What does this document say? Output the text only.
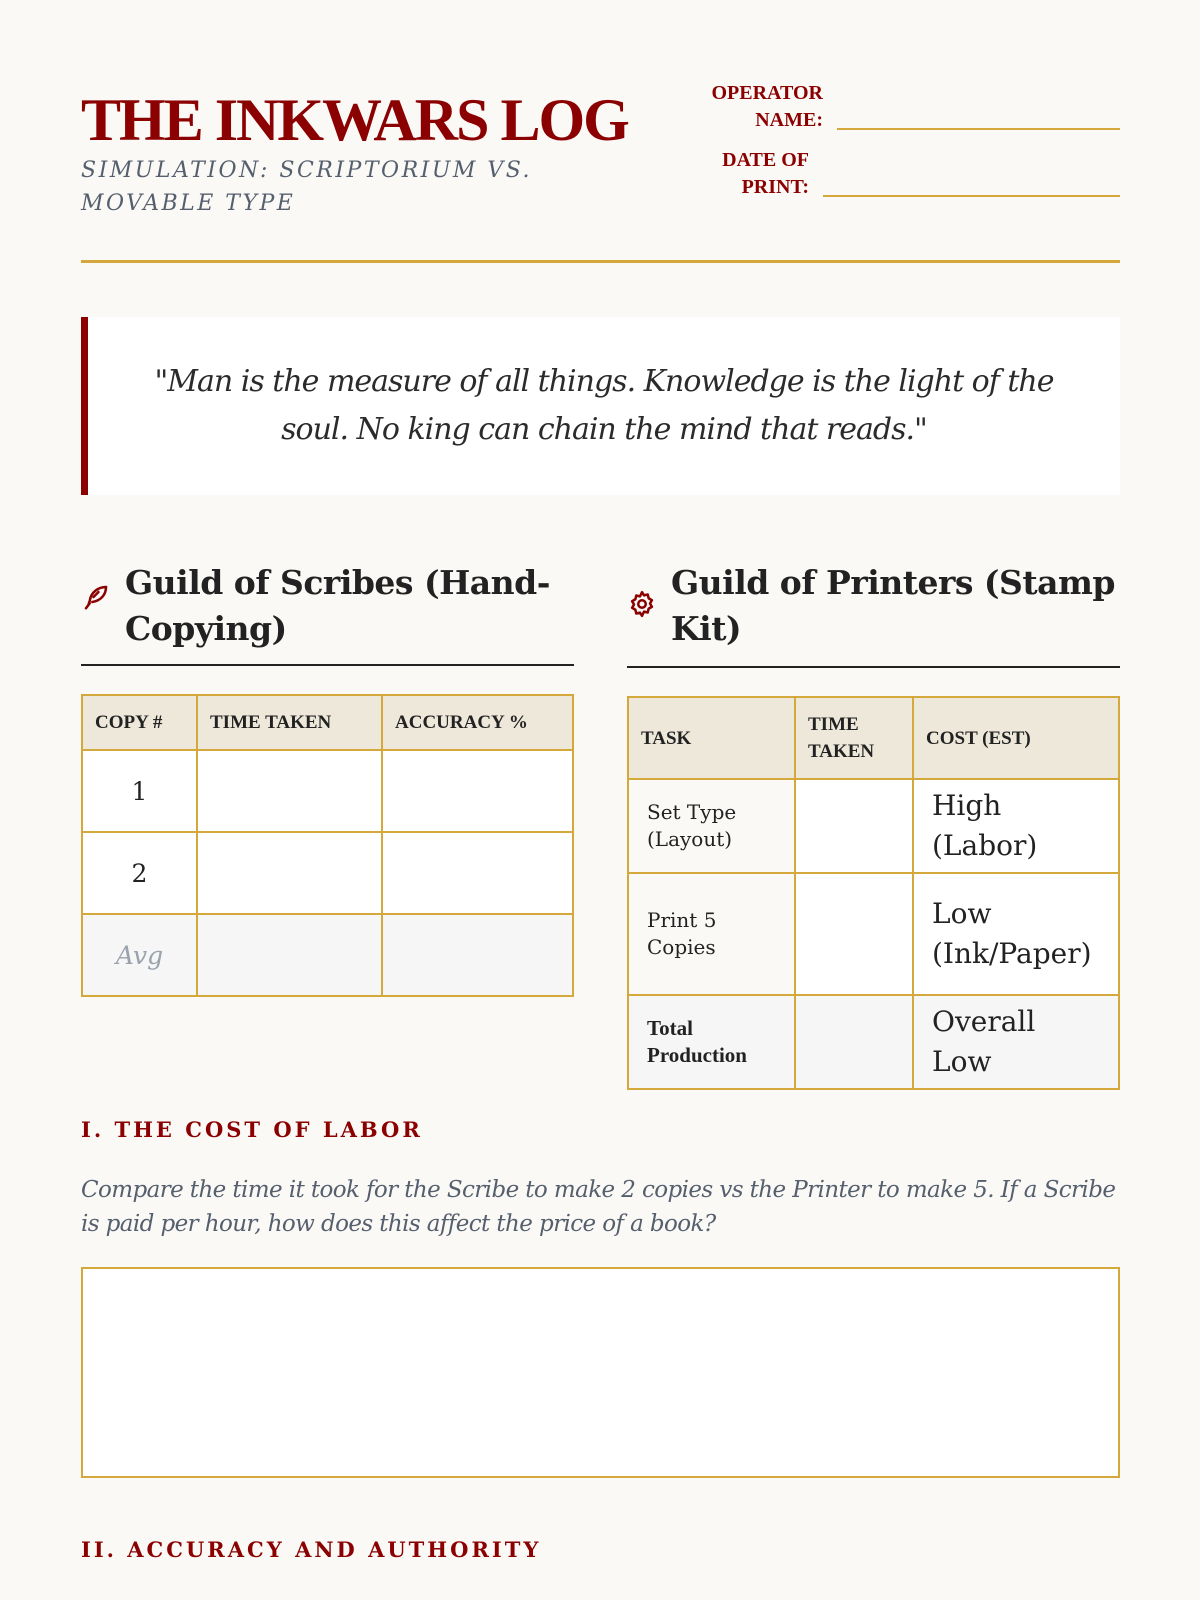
THE INKWARS LOG
SIMULATION: SCRIPTORIUM VS. MOVABLE TYPE
OPERATOR NAME:
DATE OF PRINT:

"Man is the measure of all things. Knowledge is the light of the soul. No king can chain the mind that reads."

Guild of Scribes (Hand-Copying)
COPY #	TIME TAKEN	ACCURACY %
1		
2		
Avg		
Guild of Printers (Stamp Kit)
TASK	TIME TAKEN	COST (EST)
Set Type (Layout)		High (Labor)
Print 5 Copies		Low (Ink/Paper)
Total Production		Overall Low
I. THE COST OF LABOR
Compare the time it took for the Scribe to make 2 copies vs the Printer to make 5. If a Scribe is paid per hour, how does this affect the price of a book?
II. ACCURACY AND AUTHORITY
